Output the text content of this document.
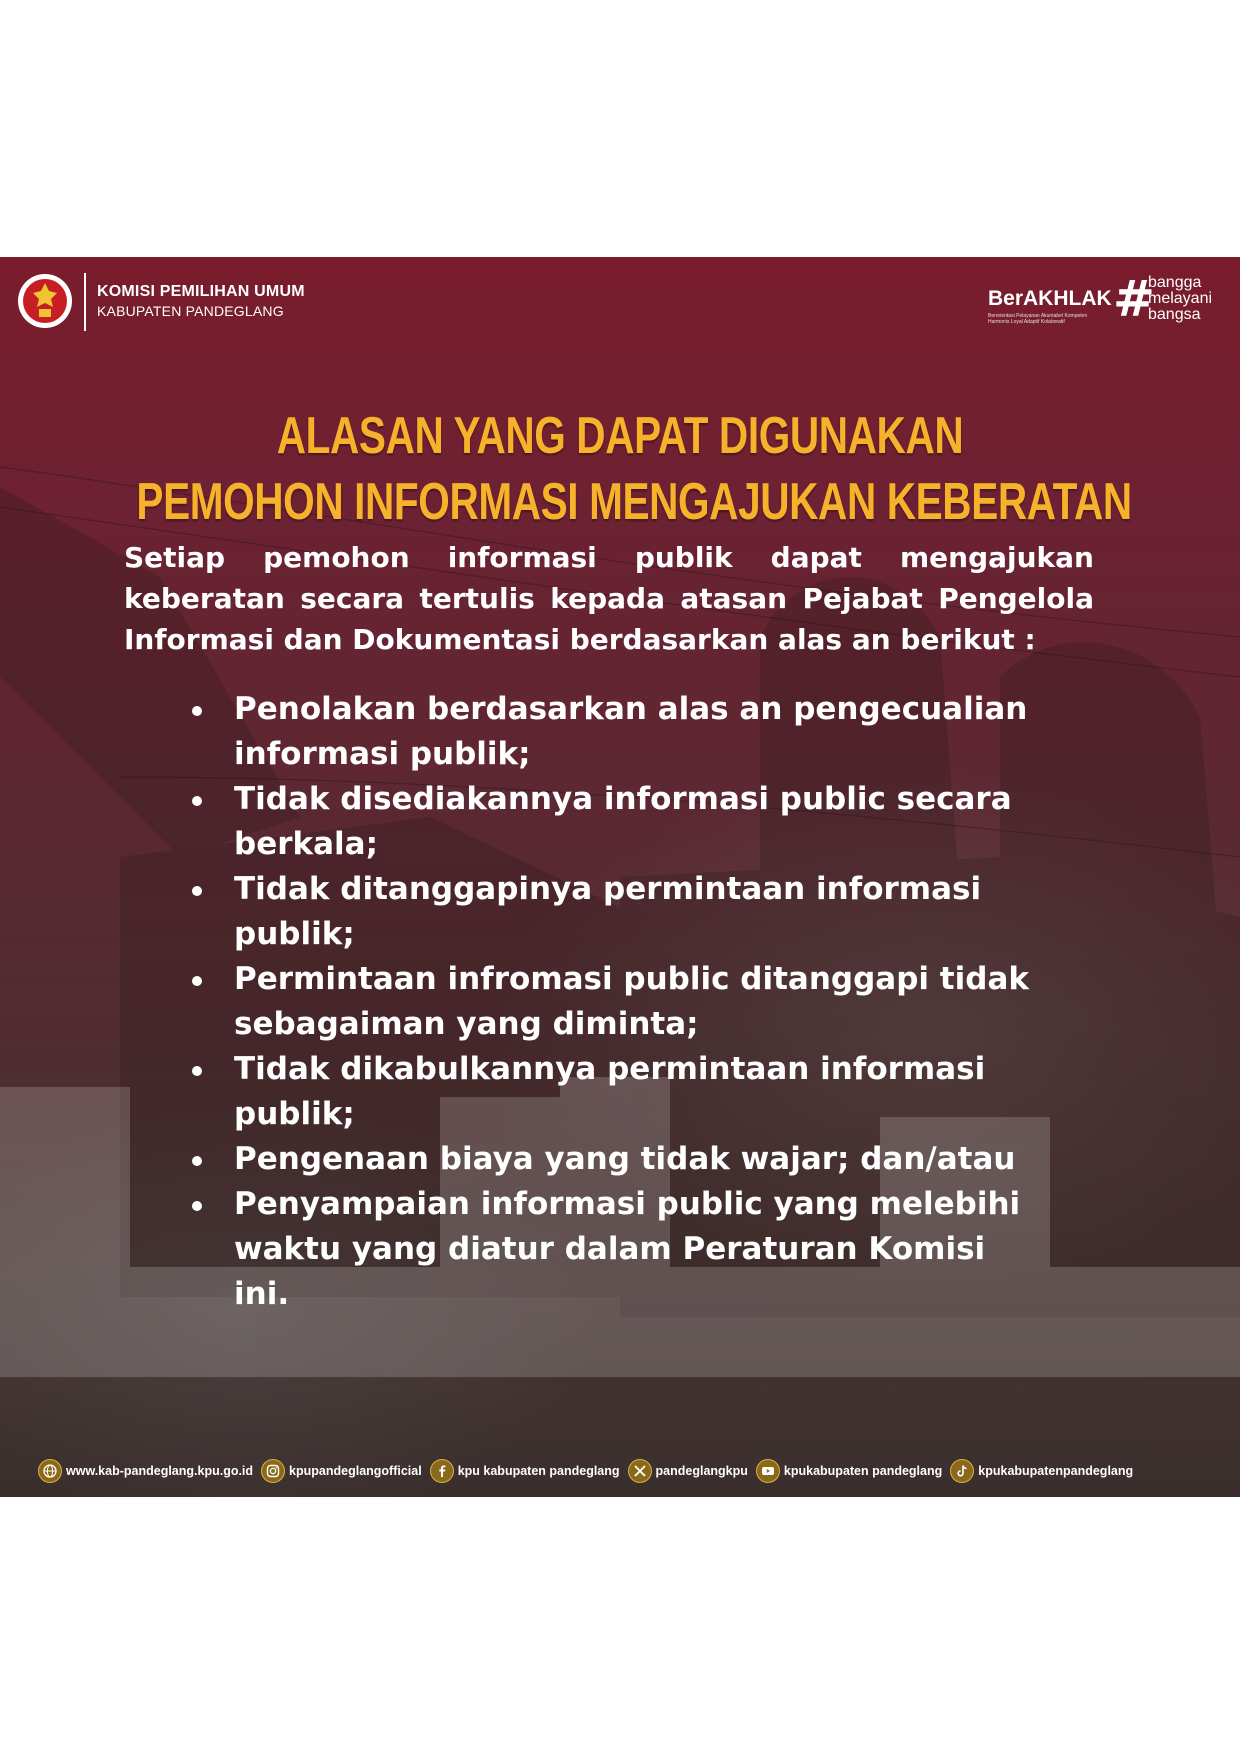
KOMISI PEMILIHAN UMUM
KABUPATEN PANDEGLANG
BerAKHLAK
Berorientasi Pelayanan Akuntabel Kompeten Harmonis Loyal Adaptif Kolaboratif #
bangga
melayani
bangsa
ALASAN YANG DAPAT DIGUNAKAN
PEMOHON INFORMASI MENGAJUKAN KEBERATAN
Setiap pemohon informasi publik dapat mengajukan keberatan secara tertulis kepada atasan Pejabat Pengelola Informasi dan Dokumentasi berdasarkan alas an berikut :
Penolakan berdasarkan alas an pengecualian informasi publik;
Tidak disediakannya informasi public secara berkala;
Tidak ditanggapinya permintaan informasi publik;
Permintaan infromasi public ditanggapi tidak sebagaiman yang diminta;
Tidak dikabulkannya permintaan informasi publik;
Pengenaan biaya yang tidak wajar; dan/atau
Penyampaian informasi public yang melebihi waktu yang diatur dalam Peraturan Komisi ini.
www.kab-pandeglang.kpu.go.id	kpupandeglangofficial	kpu kabupaten pandeglang	pandeglangkpu	kpukabupaten pandeglang	kpukabupatenpandeglang
